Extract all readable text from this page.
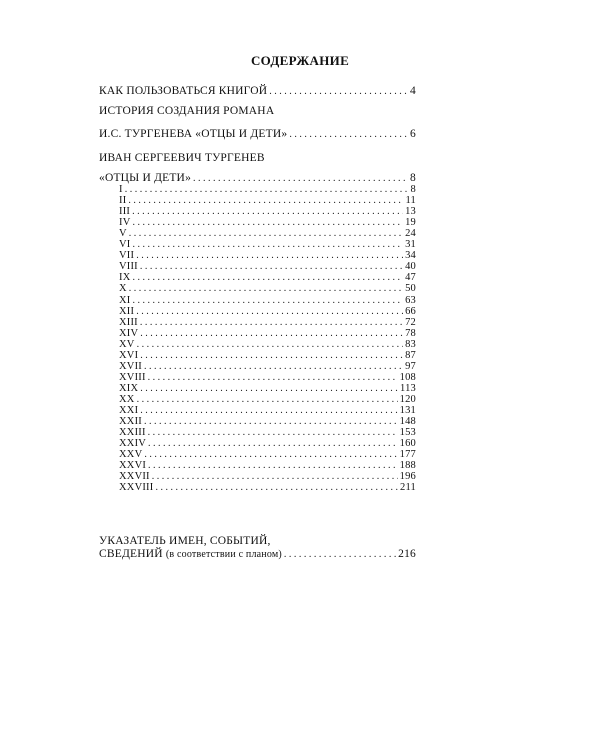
СОДЕРЖАНИЕ
КАК ПОЛЬЗОВАТЬСЯ КНИГОЙ . . .	4
ИСТОРИЯ СОЗДАНИЯ РОМАНА
И.С. ТУРГЕНЕВА «ОТЦЫ И ДЕТИ» . . .	6
ИВАН СЕРГЕЕВИЧ ТУРГЕНЕВ
«ОТЦЫ И ДЕТИ» . . .	8
I . . .	8
II . . .	11
III . . .	13
IV . . .	19
V . . .	24
VI . . .	31
VII . . .	34
VIII . . .	40
IX . . .	47
X . . .	50
XI . . .	63
XII . . .	66
XIII . . .	72
XIV . . .	78
XV . . .	83
XVI . . .	87
XVII . . .	97
XVIII . . .	108
XIX . . .	113
XX . . .	120
XXI . . .	131
XXII . . .	148
XXIII . . .	153
XXIV . . .	160
XXV . . .	177
XXVI . . .	188
XXVII . . .	196
XXVIII . . .	211
УКАЗАТЕЛЬ ИМЕН, СОБЫТИЙ,
СВЕДЕНИЙ (в соответствии с планом) . . .	216
